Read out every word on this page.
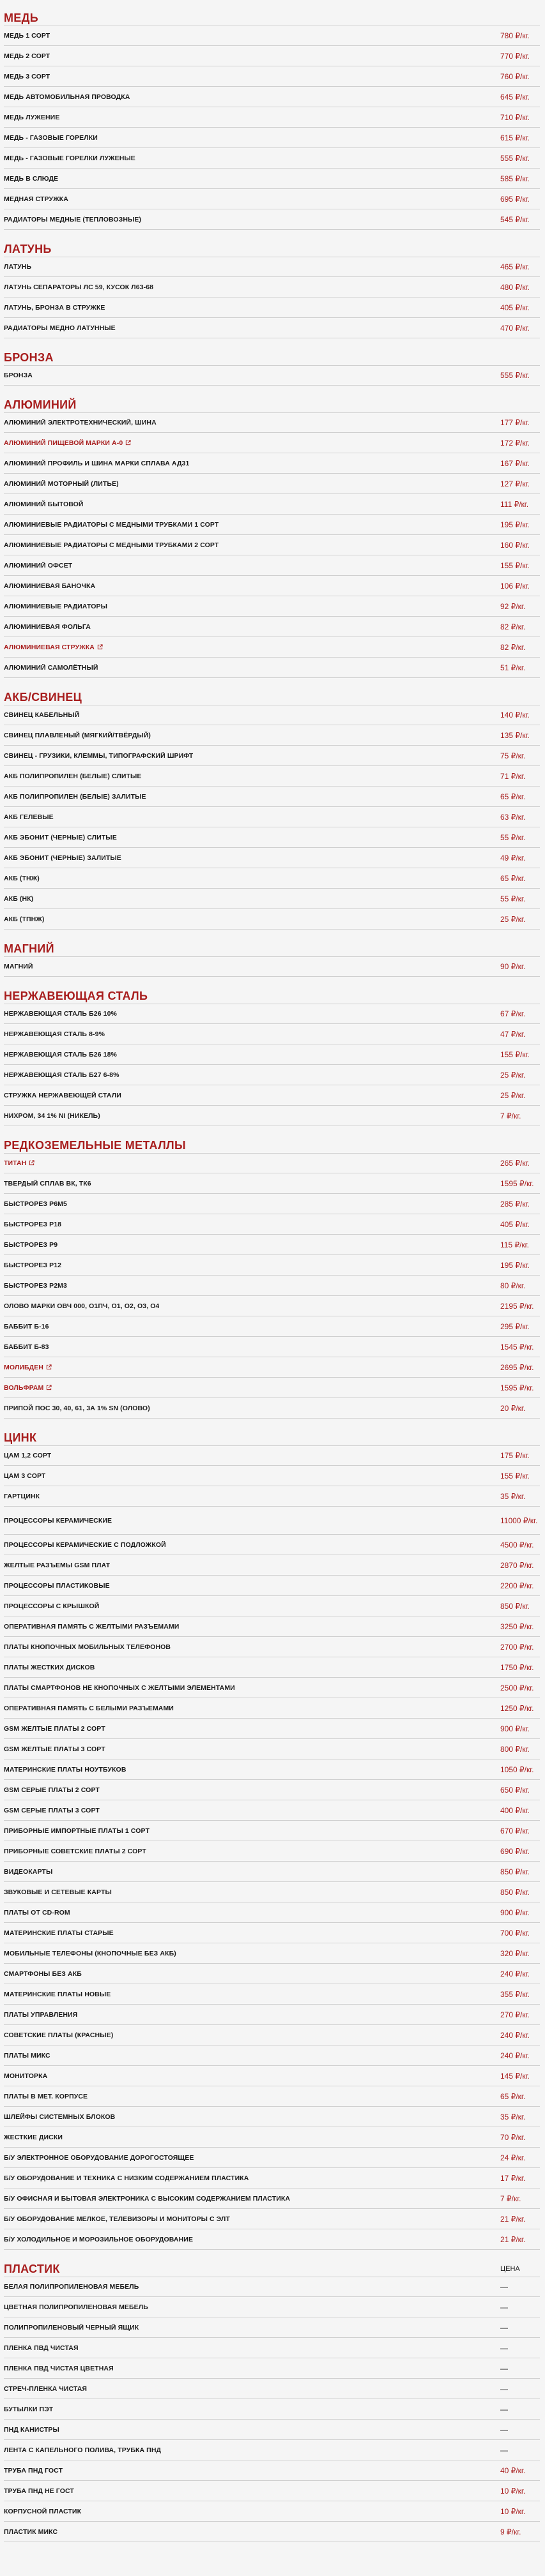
МЕДЬ
МЕДЬ 1 СОРТ	780 ₽/кг.
МЕДЬ 2 СОРТ	770 ₽/кг.
МЕДЬ 3 СОРТ	760 ₽/кг.
МЕДЬ АВТОМОБИЛЬНАЯ ПРОВОДКА	645 ₽/кг.
МЕДЬ ЛУЖЕНИЕ	710 ₽/кг.
МЕДЬ - ГАЗОВЫЕ ГОРЕЛКИ	615 ₽/кг.
МЕДЬ - ГАЗОВЫЕ ГОРЕЛКИ ЛУЖЕНЫЕ	555 ₽/кг.
МЕДЬ В СЛЮДЕ	585 ₽/кг.
МЕДНАЯ СТРУЖКА	695 ₽/кг.
РАДИАТОРЫ МЕДНЫЕ (ТЕПЛОВОЗНЫЕ)	545 ₽/кг.
ЛАТУНЬ
ЛАТУНЬ	465 ₽/кг.
ЛАТУНЬ СЕПАРАТОРЫ ЛС 59, КУСОК Л63-68	480 ₽/кг.
ЛАТУНЬ, БРОНЗА В СТРУЖКЕ	405 ₽/кг.
РАДИАТОРЫ МЕДНО ЛАТУННЫЕ	470 ₽/кг.
БРОНЗА
БРОНЗА	555 ₽/кг.
АЛЮМИНИЙ
АЛЮМИНИЙ ЭЛЕКТРОТЕХНИЧЕСКИЙ, ШИНА	177 ₽/кг.
АЛЮМИНИЙ ПИЩЕВОЙ МАРКИ А-0	172 ₽/кг.
АЛЮМИНИЙ ПРОФИЛЬ И ШИНА МАРКИ СПЛАВА АД31	167 ₽/кг.
АЛЮМИНИЙ МОТОРНЫЙ (ЛИТЬЕ)	127 ₽/кг.
АЛЮМИНИЙ БЫТОВОЙ	111 ₽/кг.
АЛЮМИНИЕВЫЕ РАДИАТОРЫ С МЕДНЫМИ ТРУБКАМИ 1 СОРТ	195 ₽/кг.
АЛЮМИНИЕВЫЕ РАДИАТОРЫ С МЕДНЫМИ ТРУБКАМИ 2 СОРТ	160 ₽/кг.
АЛЮМИНИЙ ОФСЕТ	155 ₽/кг.
АЛЮМИНИЕВАЯ БАНОЧКА	106 ₽/кг.
АЛЮМИНИЕВЫЕ РАДИАТОРЫ	92 ₽/кг.
АЛЮМИНИЕВАЯ ФОЛЬГА	82 ₽/кг.
АЛЮМИНИЕВАЯ СТРУЖКА	82 ₽/кг.
АЛЮМИНИЙ САМОЛЁТНЫЙ	51 ₽/кг.
АКБ/СВИНЕЦ
СВИНЕЦ КАБЕЛЬНЫЙ	140 ₽/кг.
СВИНЕЦ ПЛАВЛЕНЫЙ (МЯГКИЙ/ТВЁРДЫЙ)	135 ₽/кг.
СВИНЕЦ - ГРУЗИКИ, КЛЕММЫ, ТИПОГРАФСКИЙ ШРИФТ	75 ₽/кг.
АКБ ПОЛИПРОПИЛЕН (БЕЛЫЕ) СЛИТЫЕ	71 ₽/кг.
АКБ ПОЛИПРОПИЛЕН (БЕЛЫЕ) ЗАЛИТЫЕ	65 ₽/кг.
АКБ ГЕЛЕВЫЕ	63 ₽/кг.
АКБ ЭБОНИТ (ЧЕРНЫЕ) СЛИТЫЕ	55 ₽/кг.
АКБ ЭБОНИТ (ЧЕРНЫЕ) ЗАЛИТЫЕ	49 ₽/кг.
АКБ (ТНЖ)	65 ₽/кг.
АКБ (НК)	55 ₽/кг.
АКБ (ТПНЖ)	25 ₽/кг.
МАГНИЙ
МАГНИЙ	90 ₽/кг.
НЕРЖАВЕЮЩАЯ СТАЛЬ
НЕРЖАВЕЮЩАЯ СТАЛЬ Б26 10%	67 ₽/кг.
НЕРЖАВЕЮЩАЯ СТАЛЬ 8-9%	47 ₽/кг.
НЕРЖАВЕЮЩАЯ СТАЛЬ Б26 18%	155 ₽/кг.
НЕРЖАВЕЮЩАЯ СТАЛЬ Б27 6-8%	25 ₽/кг.
СТРУЖКА НЕРЖАВЕЮЩЕЙ СТАЛИ	25 ₽/кг.
НИХРОМ, 34 1% NI (НИКЕЛЬ)	7 ₽/кг.
РЕДКОЗЕМЕЛЬНЫЕ МЕТАЛЛЫ
ТИТАН	265 ₽/кг.
ТВЕРДЫЙ СПЛАВ ВК, ТК6	1595 ₽/кг.
БЫСТРОРЕЗ Р6М5	285 ₽/кг.
БЫСТРОРЕЗ Р18	405 ₽/кг.
БЫСТРОРЕЗ Р9	115 ₽/кг.
БЫСТРОРЕЗ Р12	195 ₽/кг.
БЫСТРОРЕЗ Р2М3	80 ₽/кг.
ОЛОВО МАРКИ ОВЧ 000, О1ПЧ, О1, О2, О3, О4	2195 ₽/кг.
БАББИТ Б-16	295 ₽/кг.
БАББИТ Б-83	1545 ₽/кг.
МОЛИБДЕН	2695 ₽/кг.
ВОЛЬФРАМ	1595 ₽/кг.
ПРИПОЙ ПОС 30, 40, 61, 3А 1% SN (ОЛОВО)	20 ₽/кг.
ЦИНК
ЦАМ 1,2 СОРТ	175 ₽/кг.
ЦАМ 3 СОРТ	155 ₽/кг.
ГАРТЦИНК	35 ₽/кг.
ПРОЦЕССОРЫ КЕРАМИЧЕСКИЕ	11000 ₽/кг.
ПРОЦЕССОРЫ КЕРАМИЧЕСКИЕ С ПОДЛОЖКОЙ	4500 ₽/кг.
ЖЕЛТЫЕ РАЗЪЕМЫ GSM ПЛАТ	2870 ₽/кг.
ПРОЦЕССОРЫ ПЛАСТИКОВЫЕ	2200 ₽/кг.
ПРОЦЕССОРЫ С КРЫШКОЙ	850 ₽/кг.
ОПЕРАТИВНАЯ ПАМЯТЬ С ЖЕЛТЫМИ РАЗЪЕМАМИ	3250 ₽/кг.
ПЛАТЫ КНОПОЧНЫХ МОБИЛЬНЫХ ТЕЛЕФОНОВ	2700 ₽/кг.
ПЛАТЫ ЖЕСТКИХ ДИСКОВ	1750 ₽/кг.
ПЛАТЫ СМАРТФОНОВ НЕ КНОПОЧНЫХ С ЖЕЛТЫМИ ЭЛЕМЕНТАМИ	2500 ₽/кг.
ОПЕРАТИВНАЯ ПАМЯТЬ С БЕЛЫМИ РАЗЪЕМАМИ	1250 ₽/кг.
GSM ЖЕЛТЫЕ ПЛАТЫ 2 СОРТ	900 ₽/кг.
GSM ЖЕЛТЫЕ ПЛАТЫ 3 СОРТ	800 ₽/кг.
МАТЕРИНСКИЕ ПЛАТЫ НОУТБУКОВ	1050 ₽/кг.
GSM СЕРЫЕ ПЛАТЫ 2 СОРТ	650 ₽/кг.
GSM СЕРЫЕ ПЛАТЫ 3 СОРТ	400 ₽/кг.
ПРИБОРНЫЕ ИМПОРТНЫЕ ПЛАТЫ 1 СОРТ	670 ₽/кг.
ПРИБОРНЫЕ СОВЕТСКИЕ ПЛАТЫ 2 СОРТ	690 ₽/кг.
ВИДЕОКАРТЫ	850 ₽/кг.
ЗВУКОВЫЕ И СЕТЕВЫЕ КАРТЫ	850 ₽/кг.
ПЛАТЫ ОТ CD-ROM	900 ₽/кг.
МАТЕРИНСКИЕ ПЛАТЫ СТАРЫЕ	700 ₽/кг.
МОБИЛЬНЫЕ ТЕЛЕФОНЫ (КНОПОЧНЫЕ БЕЗ АКБ)	320 ₽/кг.
СМАРТФОНЫ БЕЗ АКБ	240 ₽/кг.
МАТЕРИНСКИЕ ПЛАТЫ НОВЫЕ	355 ₽/кг.
ПЛАТЫ УПРАВЛЕНИЯ	270 ₽/кг.
СОВЕТСКИЕ ПЛАТЫ (КРАСНЫЕ)	240 ₽/кг.
ПЛАТЫ МИКС	240 ₽/кг.
МОНИТОРКА	145 ₽/кг.
ПЛАТЫ В МЕТ. КОРПУСЕ	65 ₽/кг.
ШЛЕЙФЫ СИСТЕМНЫХ БЛОКОВ	35 ₽/кг.
ЖЕСТКИЕ ДИСКИ	70 ₽/кг.
Б/У ЭЛЕКТРОННОЕ ОБОРУДОВАНИЕ ДОРОГОСТОЯЩЕЕ	24 ₽/кг.
Б/У ОБОРУДОВАНИЕ И ТЕХНИКА С НИЗКИМ СОДЕРЖАНИЕМ ПЛАСТИКА	17 ₽/кг.
Б/У ОФИСНАЯ И БЫТОВАЯ ЭЛЕКТРОНИКА С ВЫСОКИМ СОДЕРЖАНИЕМ ПЛАСТИКА	7 ₽/кг.
Б/У ОБОРУДОВАНИЕ МЕЛКОЕ, ТЕЛЕВИЗОРЫ И МОНИТОРЫ С ЭЛТ	21 ₽/кг.
Б/У ХОЛОДИЛЬНОЕ И МОРОЗИЛЬНОЕ ОБОРУДОВАНИЕ	21 ₽/кг.
ПЛАСТИК	ЦЕНА
БЕЛАЯ ПОЛИПРОПИЛЕНОВАЯ МЕБЕЛЬ	—
ЦВЕТНАЯ ПОЛИПРОПИЛЕНОВАЯ МЕБЕЛЬ	—
ПОЛИПРОПИЛЕНОВЫЙ ЧЕРНЫЙ ЯЩИК	—
ПЛЕНКА ПВД ЧИСТАЯ	—
ПЛЕНКА ПВД ЧИСТАЯ ЦВЕТНАЯ	—
СТРЕЧ-ПЛЕНКА ЧИСТАЯ	—
БУТЫЛКИ ПЭТ	—
ПНД КАНИСТРЫ	—
ЛЕНТА С КАПЕЛЬНОГО ПОЛИВА, ТРУБКА ПНД	—
ТРУБА ПНД ГОСТ	40 ₽/кг.
ТРУБА ПНД НЕ ГОСТ	10 ₽/кг.
КОРПУСНОЙ ПЛАСТИК	10 ₽/кг.
ПЛАСТИК МИКС	9 ₽/кг.
